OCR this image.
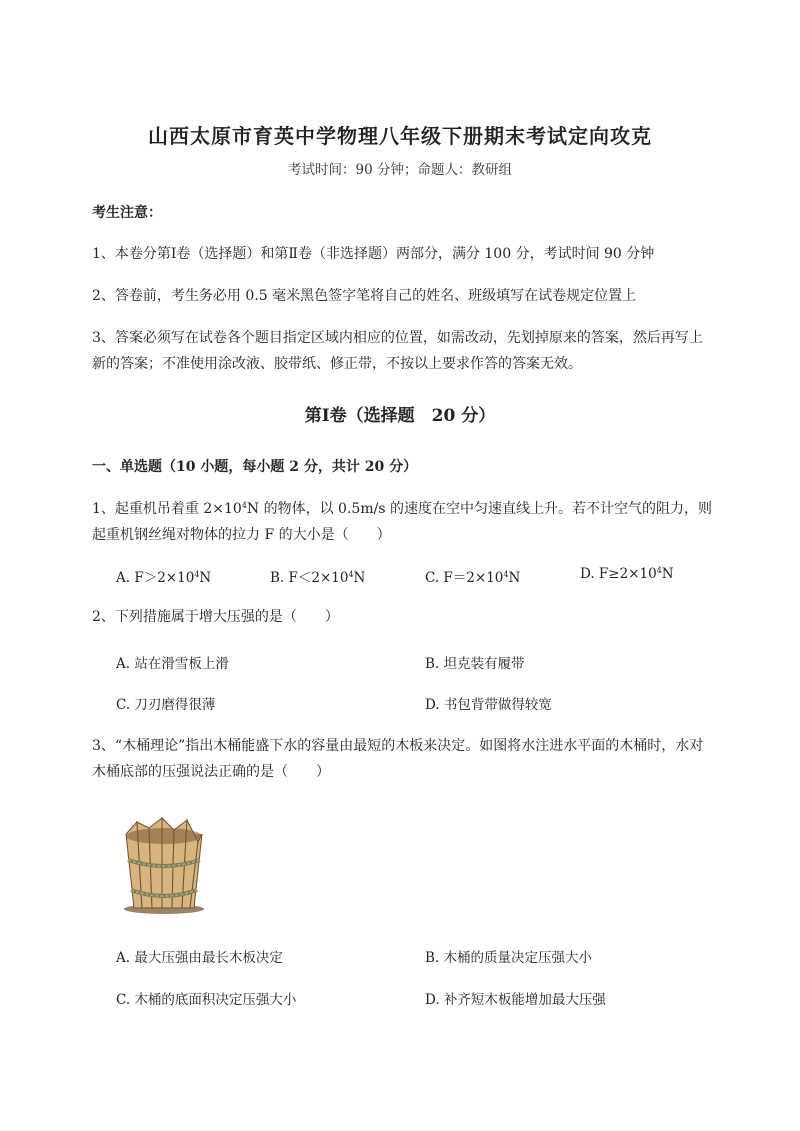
山西太原市育英中学物理八年级下册期末考试定向攻克
考试时间：90 分钟；命题人：教研组
考生注意：
1、本卷分第Ⅰ卷（选择题）和第Ⅱ卷（非选择题）两部分，满分 100 分，考试时间 90 分钟
2、答卷前，考生务必用 0.5 毫米黑色签字笔将自己的姓名、班级填写在试卷规定位置上
3、答案必须写在试卷各个题目指定区域内相应的位置，如需改动，先划掉原来的答案，然后再写上新的答案；不准使用涂改液、胶带纸、修正带，不按以上要求作答的答案无效。
第Ⅰ卷（选择题　20 分）
一、单选题（10 小题，每小题 2 分，共计 20 分）
1、起重机吊着重 $2\times 10^4N$ 的物体，以 0.5m/s 的速度在空中匀速直线上升。若不计空气的阻力，则起重机钢丝绳对物体的拉力 F 的大小是（　　）
A. $F>2\times 10^4N$	B. $F<2\times 10^4N$	C. $F=2\times 10^4N$	D. $F\ge 2\times 10^4N$
2、下列措施属于增大压强的是（　　）
A. 站在滑雪板上滑	B. 坦克装有履带
C. 刀刃磨得很薄	D. 书包背带做得较宽
3、“木桶理论”指出木桶能盛下水的容量由最短的木板来决定。如图将水注进水平面的木桶时，水对木桶底部的压强说法正确的是（　　）
A. 最大压强由最长木板决定	B. 木桶的质量决定压强大小
C. 木桶的底面积决定压强大小	D. 补齐短木板能增加最大压强
